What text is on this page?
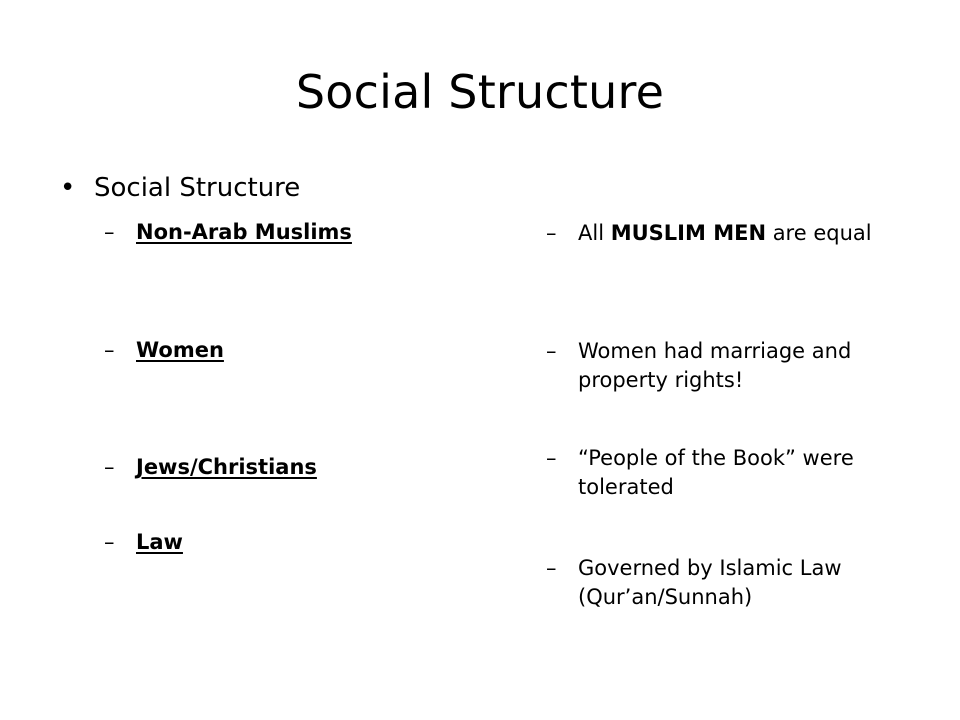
Social Structure
• Social Structure
– Non-Arab Muslims
– Women
– Jews/Christians
– Law
– All MUSLIM MEN are equal
– Women had marriage and property rights!
– “People of the Book” were tolerated
– Governed by Islamic Law (Qur’an/Sunnah)
